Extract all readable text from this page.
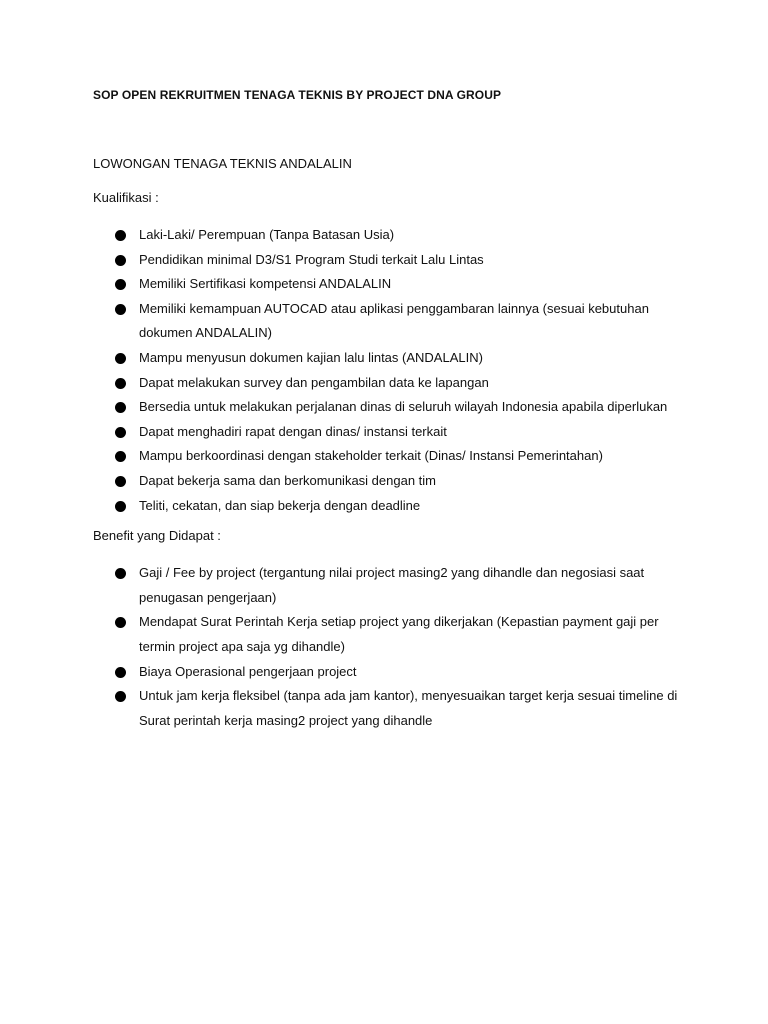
SOP OPEN REKRUITMEN TENAGA TEKNIS BY PROJECT DNA GROUP

LOWONGAN TENAGA TEKNIS ANDALALIN

Kualifikasi :

Laki-Laki/ Perempuan (Tanpa Batasan Usia)
Pendidikan minimal D3/S1 Program Studi terkait Lalu Lintas
Memiliki Sertifikasi kompetensi ANDALALIN
Memiliki kemampuan AUTOCAD atau aplikasi penggambaran lainnya (sesuai kebutuhan dokumen ANDALALIN)
Mampu menyusun dokumen kajian lalu lintas (ANDALALIN)
Dapat melakukan survey dan pengambilan data ke lapangan
Bersedia untuk melakukan perjalanan dinas di seluruh wilayah Indonesia apabila diperlukan
Dapat menghadiri rapat dengan dinas/ instansi terkait
Mampu berkoordinasi dengan stakeholder terkait (Dinas/ Instansi Pemerintahan)
Dapat bekerja sama dan berkomunikasi dengan tim
Teliti, cekatan, dan siap bekerja dengan deadline

Benefit yang Didapat :

Gaji / Fee by project (tergantung nilai project masing2 yang dihandle dan negosiasi saat penugasan pengerjaan)
Mendapat Surat Perintah Kerja setiap project yang dikerjakan (Kepastian payment gaji per termin project apa saja yg dihandle)
Biaya Operasional pengerjaan project
Untuk jam kerja fleksibel (tanpa ada jam kantor), menyesuaikan target kerja sesuai timeline di Surat perintah kerja masing2 project yang dihandle
